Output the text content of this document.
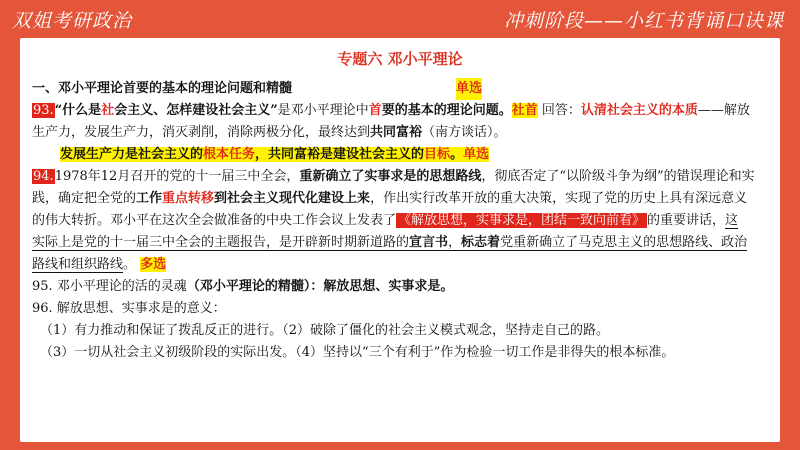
双姐考研政治	冲刺阶段——小红书背诵口诀课
专题六 邓小平理论
一、邓小平理论首要的基本的理论问题和精髓	单选
93.“什么是社会主义、怎样建设社会主义”是邓小平理论中首要的基本的理论问题。社首 回答：认清社会主义的本质——解放
生产力，发展生产力，消灭剥削，消除两极分化，最终达到共同富裕（南方谈话）。
发展生产力是社会主义的根本任务，共同富裕是建设社会主义的目标。单选
94.1978年12月召开的党的十一届三中全会，重新确立了实事求是的思想路线，彻底否定了“以阶级斗争为纲”的错误理论和实
践，确定把全党的工作重点转移到社会主义现代化建设上来，作出实行改革开放的重大决策，实现了党的历史上具有深远意义
的伟大转折。邓小平在这次全会做准备的中央工作会议上发表了 《解放思想，实事求是，团结一致向前看》 的重要讲话，这
实际上是党的十一届三中全会的主题报告，是开辟新时期新道路的宣言书，标志着党重新确立了马克思主义的思想路线、政治
路线和组织路线。 多选
95. 邓小平理论的活的灵魂（邓小平理论的精髓）：解放思想、实事求是。
96. 解放思想、实事求是的意义：
（1）有力推动和保证了拨乱反正的进行。（2）破除了僵化的社会主义模式观念，坚持走自己的路。
（3）一切从社会主义初级阶段的实际出发。（4）坚持以“三个有利于”作为检验一切工作是非得失的根本标准。
